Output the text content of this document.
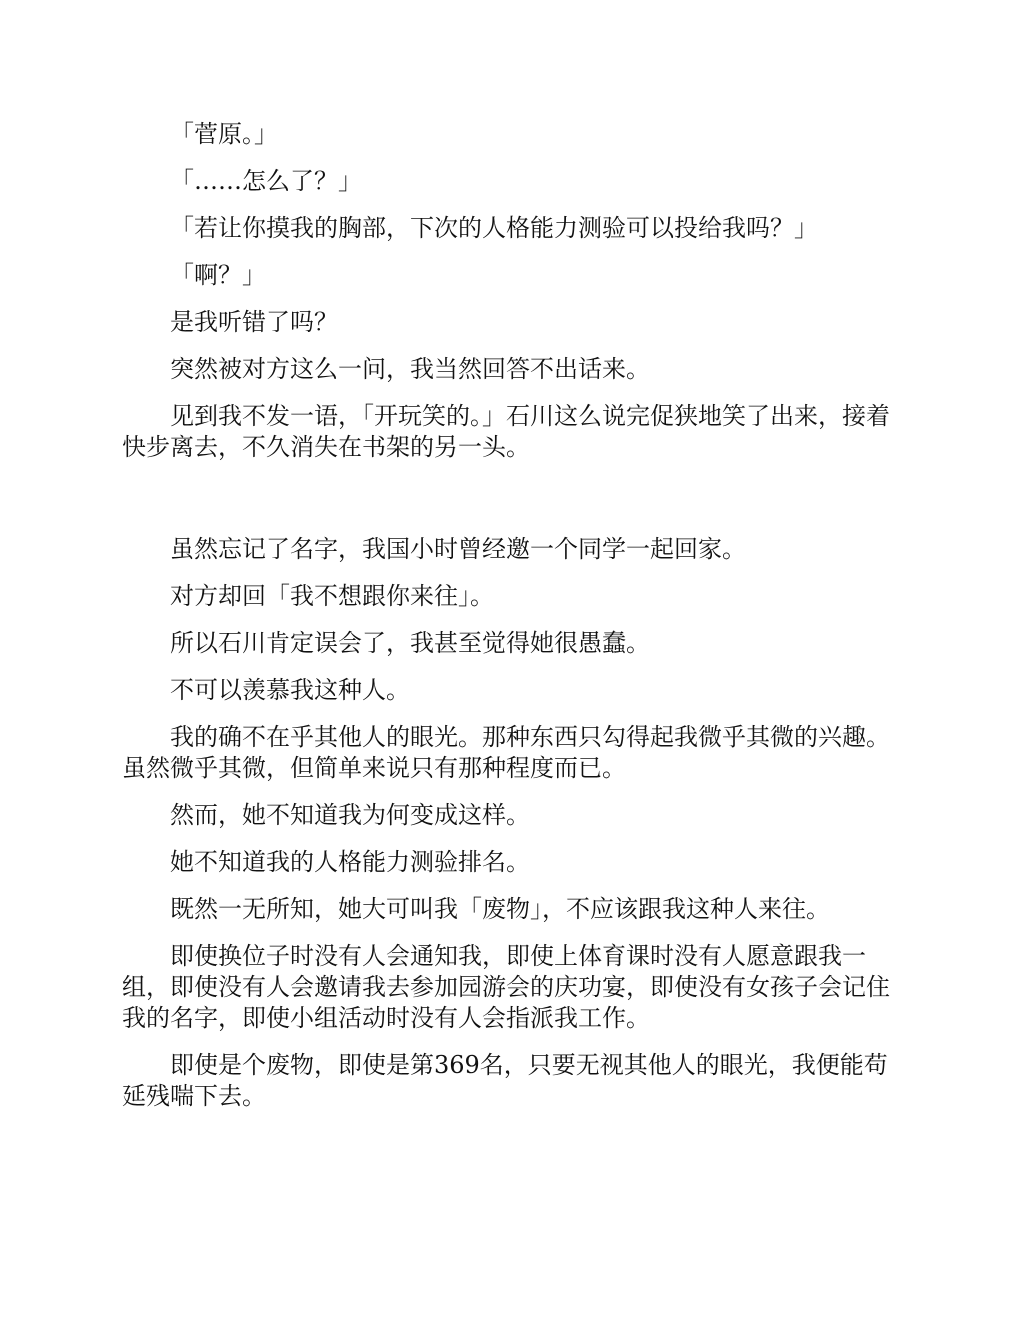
「菅原。」

「……怎么了？」

「若让你摸我的胸部，下次的人格能力测验可以投给我吗？」

「啊？」

是我听错了吗？

突然被对方这么一问，我当然回答不出话来。

见到我不发一语，「开玩笑的。」石川这么说完促狭地笑了出来，接着快步离去，不久消失在书架的另一头。

虽然忘记了名字，我国小时曾经邀一个同学一起回家。

对方却回「我不想跟你来往」。

所以石川肯定误会了，我甚至觉得她很愚蠢。

不可以羡慕我这种人。

我的确不在乎其他人的眼光。那种东西只勾得起我微乎其微的兴趣。虽然微乎其微，但简单来说只有那种程度而已。

然而，她不知道我为何变成这样。

她不知道我的人格能力测验排名。

既然一无所知，她大可叫我「废物」，不应该跟我这种人来往。

即使换位子时没有人会通知我，即使上体育课时没有人愿意跟我一组，即使没有人会邀请我去参加园游会的庆功宴，即使没有女孩子会记住我的名字，即使小组活动时没有人会指派我工作。

即使是个废物，即使是第369名，只要无视其他人的眼光，我便能苟延残喘下去。
